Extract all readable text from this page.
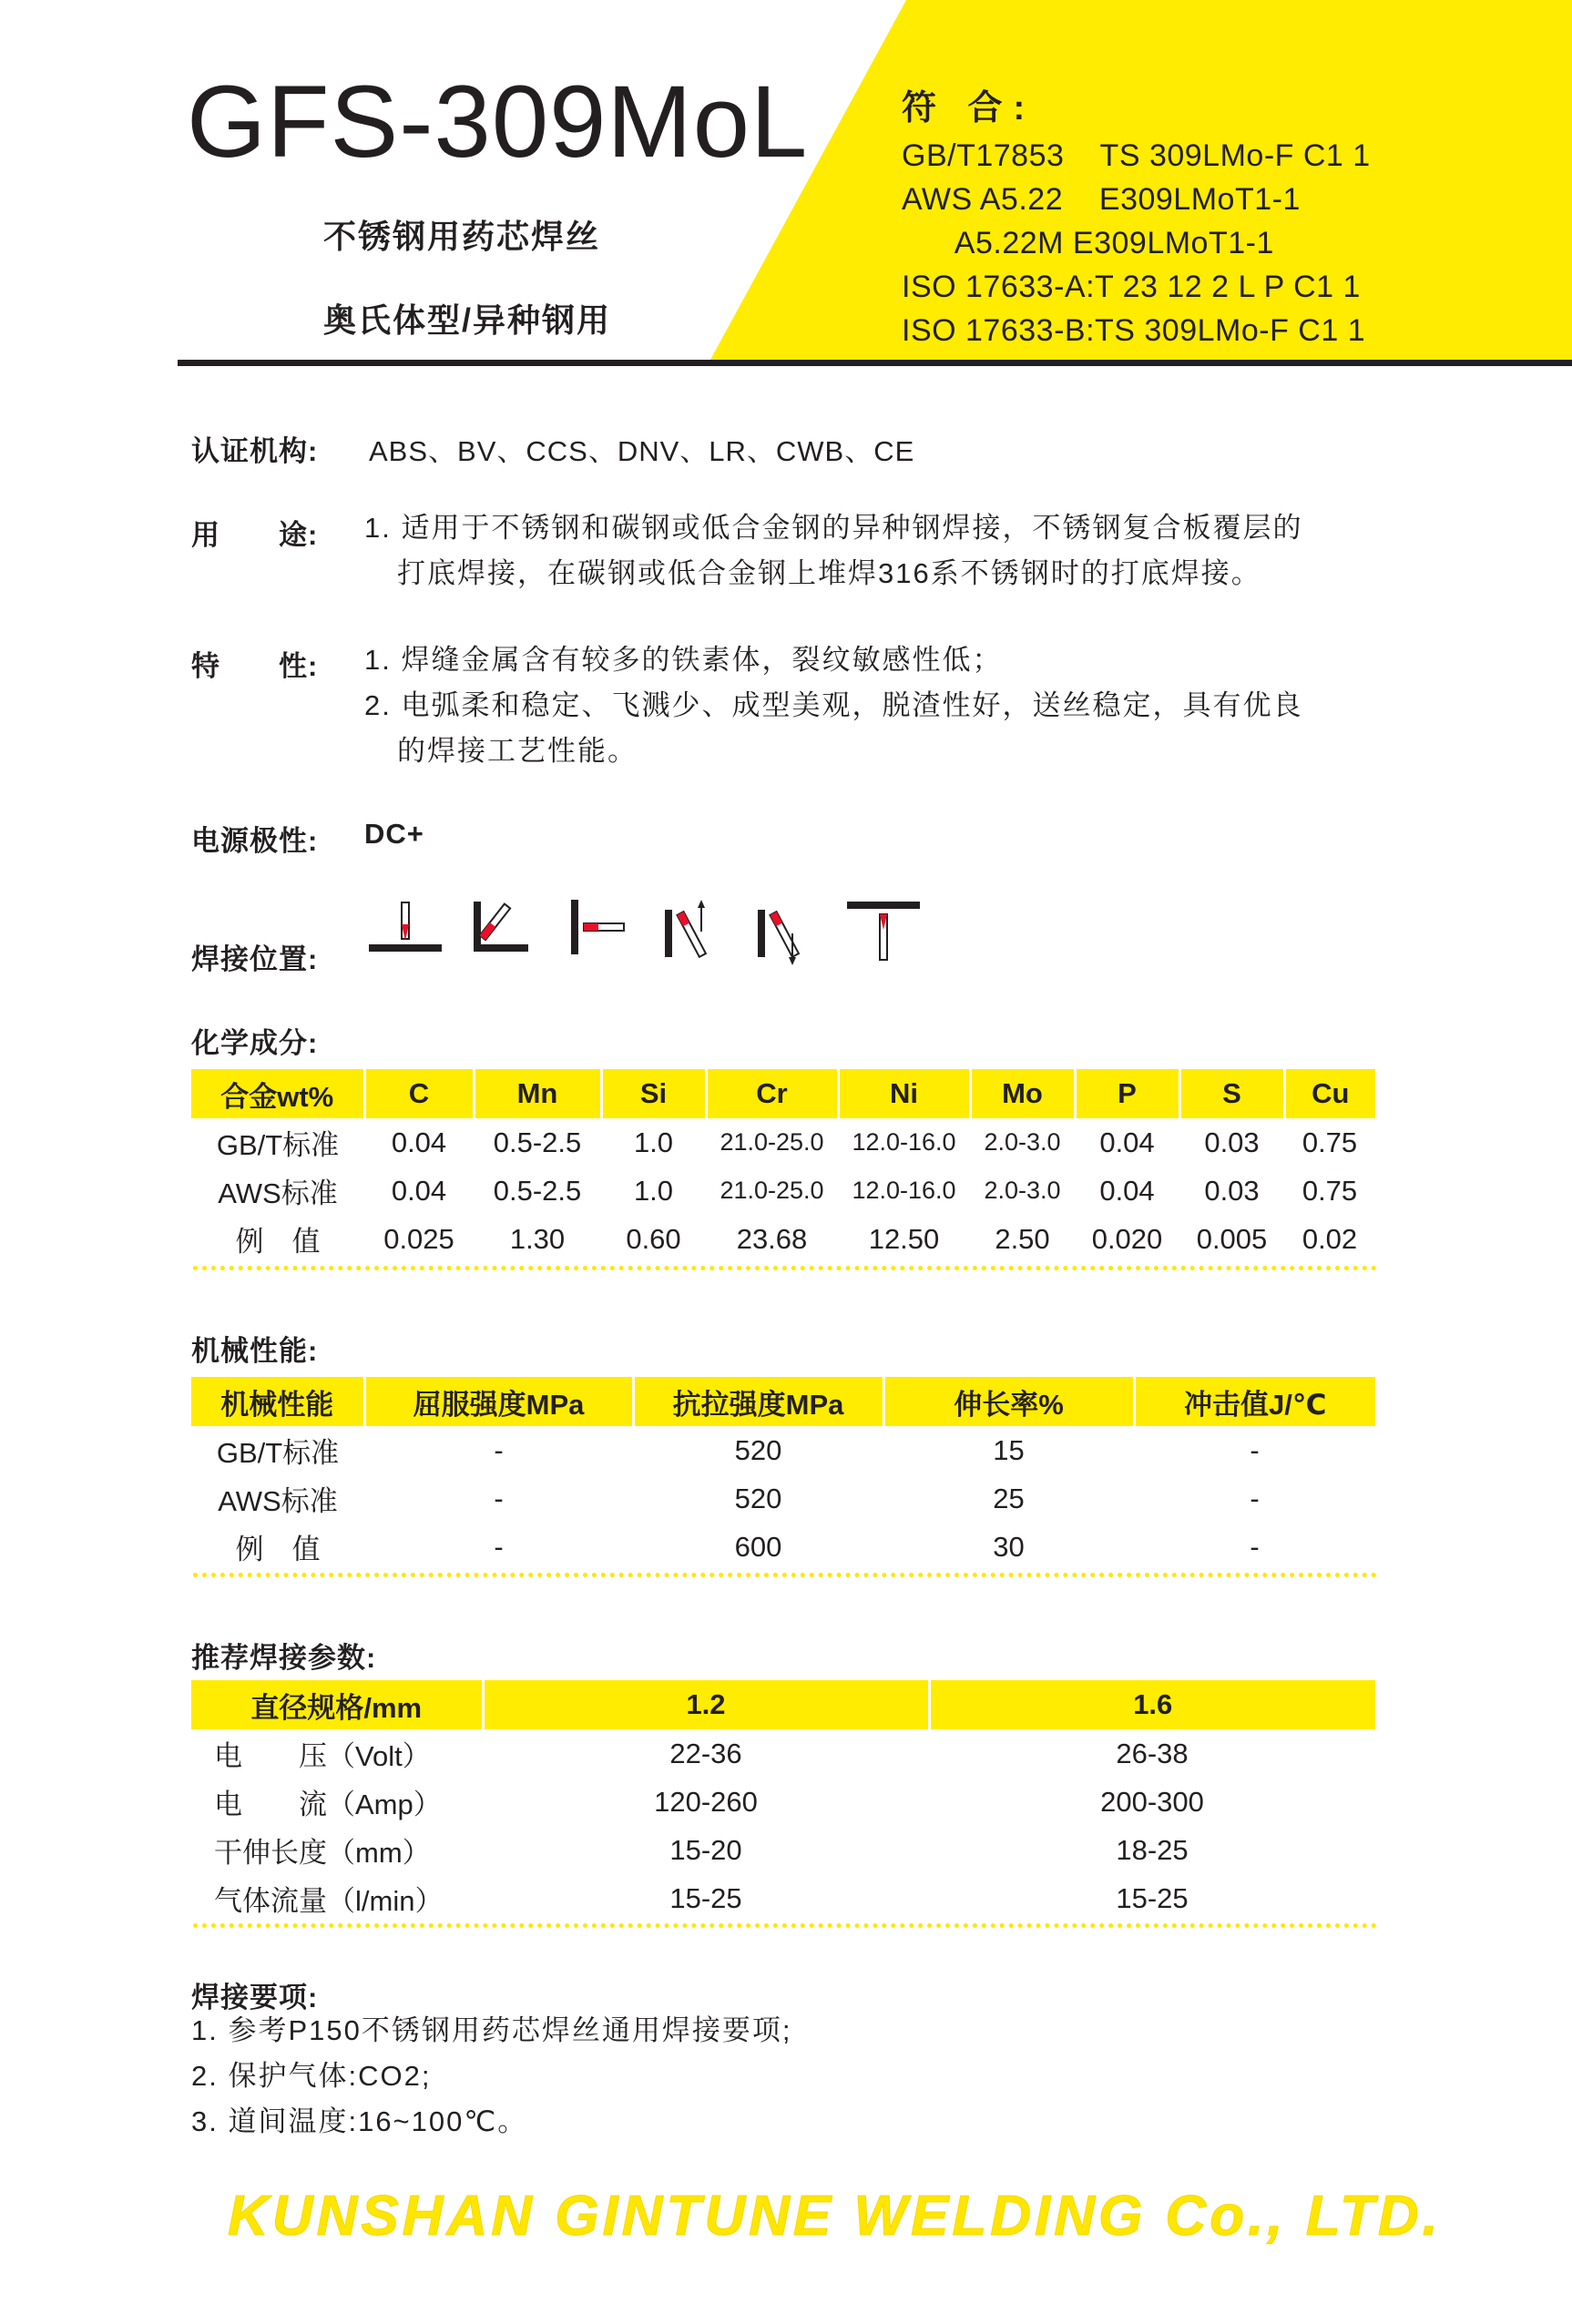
GFS-309MoL
不锈钢用药芯焊丝
奥氏体型/异种钢用
符 合:
GB/T17853    TS 309LMo-F C1 1
AWS A5.22    E309LMoT1-1
A5.22M E309LMoT1-1
ISO 17633-A:T 23 12 2 L P C1 1
ISO 17633-B:TS 309LMo-F C1 1
认证机构: ABS、BV、CCS、DNV、LR、CWB、CE
用　　途: 1. 适用于不锈钢和碳钢或低合金钢的异种钢焊接，不锈钢复合板覆层的
打底焊接，在碳钢或低合金钢上堆焊316系不锈钢时的打底焊接。
特　　性: 1. 焊缝金属含有较多的铁素体，裂纹敏感性低；
2. 电弧柔和稳定、飞溅少、成型美观，脱渣性好，送丝稳定，具有优良
的焊接工艺性能。
电源极性: DC+
焊接位置:
化学成分:
合金wt%	C	Mn	Si	Cr	Ni	Mo	P	S	Cu
GB/T标准	0.04	0.5-2.5	1.0	21.0-25.0	12.0-16.0	2.0-3.0	0.04	0.03	0.75
AWS标准	0.04	0.5-2.5	1.0	21.0-25.0	12.0-16.0	2.0-3.0	0.04	0.03	0.75
例　值	0.025	1.30	0.60	23.68	12.50	2.50	0.020	0.005	0.02
机械性能:
机械性能	屈服强度MPa	抗拉强度MPa	伸长率%	冲击值J/℃
GB/T标准	-	520	15	-
AWS标准	-	520	25	-
例　值	-	600	30	-
推荐焊接参数:
直径规格/mm	1.2	1.6
电　　压（Volt）	22-36	26-38
电　　流（Amp）	120-260	200-300
干伸长度（mm）	15-20	18-25
气体流量（l/min）	15-25	15-25
焊接要项:
1. 参考P150不锈钢用药芯焊丝通用焊接要项;
2. 保护气体:CO2;
3. 道间温度:16~100℃。
KUNSHAN GINTUNE WELDING Co., LTD.
